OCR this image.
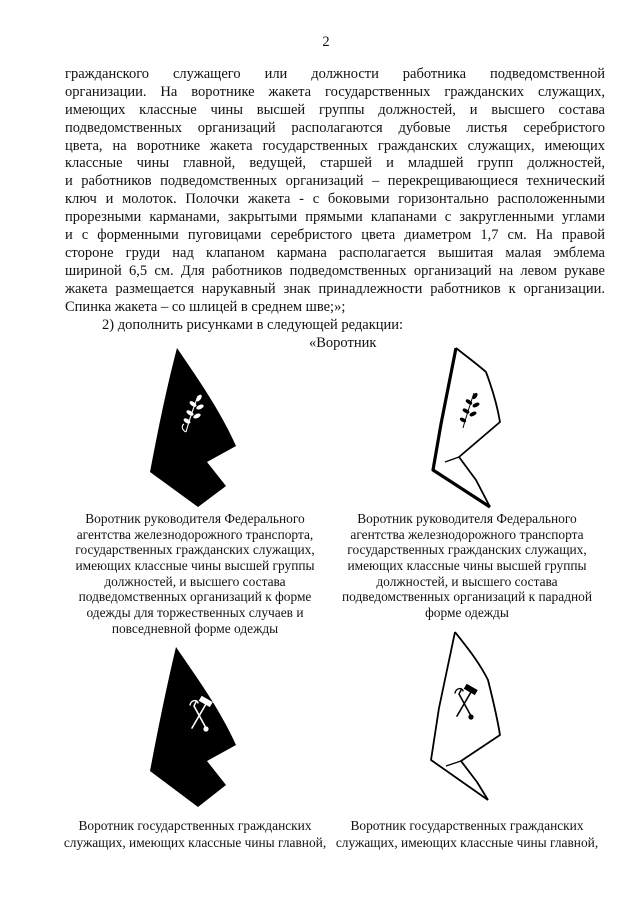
2
гражданского служащего или должности работника подведомственной
организации. На воротнике жакета государственных гражданских служащих,
имеющих классные чины высшей группы должностей, и высшего состава
подведомственных организаций располагаются дубовые листья серебристого
цвета, на воротнике жакета государственных гражданских служащих, имеющих
классные чины главной, ведущей, старшей и младшей групп должностей,
и работников подведомственных организаций – перекрещивающиеся технический
ключ и молоток. Полочки жакета - с боковыми горизонтально расположенными
прорезными карманами, закрытыми прямыми клапанами с закругленными углами
и с форменными пуговицами серебристого цвета диаметром 1,7 см. На правой
стороне груди над клапаном кармана располагается вышитая малая эмблема
шириной 6,5 см. Для работников подведомственных организаций на левом рукаве
жакета размещается нарукавный знак принадлежности работников к организации.
Спинка жакета – со шлицей в среднем шве;»;
2) дополнить рисунками в следующей редакции:
«Воротник
Воротник руководителя Федерального
агентства железнодорожного транспорта,
государственных гражданских служащих,
имеющих классные чины высшей группы
должностей, и высшего состава
подведомственных организаций к форме
одежды для торжественных случаев и
повседневной форме одежды
Воротник руководителя Федерального
агентства железнодорожного транспорта
государственных гражданских служащих,
имеющих классные чины высшей группы
должностей, и высшего состава
подведомственных организаций к парадной
форме одежды
Воротник государственных гражданских
служащих, имеющих классные чины главной,
Воротник государственных гражданских
служащих, имеющих классные чины главной,
